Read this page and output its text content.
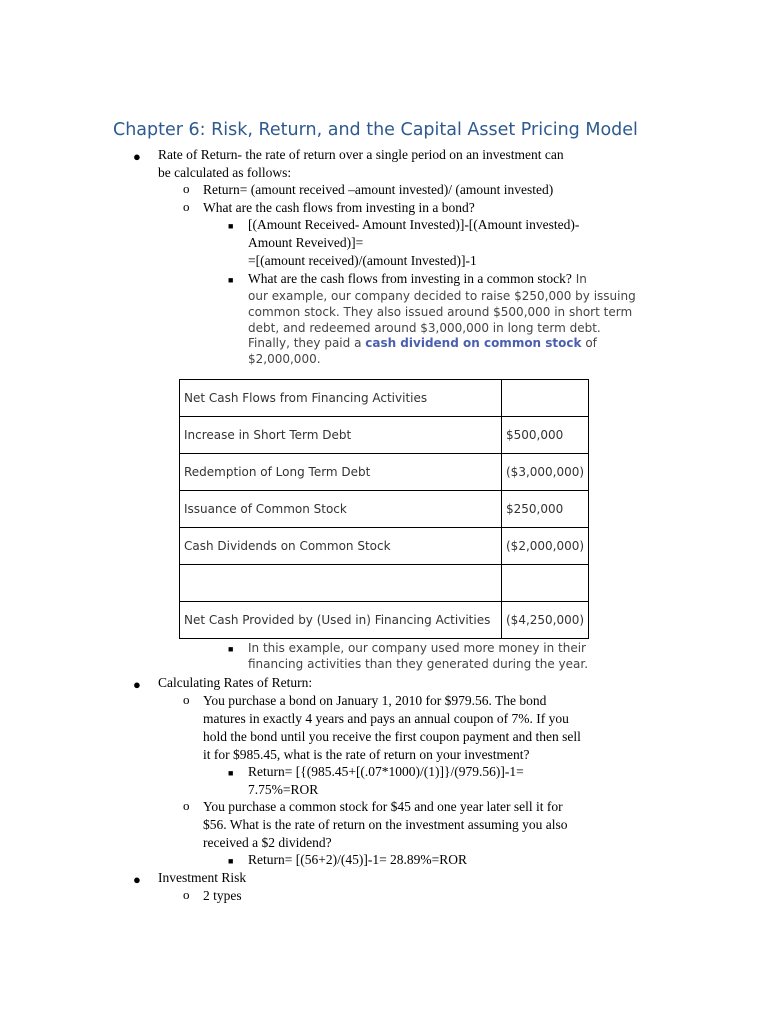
Chapter 6: Risk, Return, and the Capital Asset Pricing Model
● Rate of Return- the rate of return over a single period on an investment can
be calculated as follows:
o Return= (amount received –amount invested)/ (amount invested)
o What are the cash flows from investing in a bond?
■ [(Amount Received- Amount Invested)]-[(Amount invested)-
Amount Reveived)]=
=[(amount received)/(amount Invested)]-1
■ What are the cash flows from investing in a common stock? In
our example, our company decided to raise $250,000 by issuing
common stock. They also issued around $500,000 in short term
debt, and redeemed around $3,000,000 in long term debt.
Finally, they paid a cash dividend on common stock of
$2,000,000.
Net Cash Flows from Financing Activities	
Increase in Short Term Debt	$500,000
Redemption of Long Term Debt	($3,000,000)
Issuance of Common Stock	$250,000
Cash Dividends on Common Stock	($2,000,000)

Net Cash Provided by (Used in) Financing Activities	($4,250,000)
■ In this example, our company used more money in their
financing activities than they generated during the year.
● Calculating Rates of Return:
o You purchase a bond on January 1, 2010 for $979.56. The bond
matures in exactly 4 years and pays an annual coupon of 7%. If you
hold the bond until you receive the first coupon payment and then sell
it for $985.45, what is the rate of return on your investment?
■ Return= [{(985.45+[(.07*1000)/(1)]}/(979.56)]-1=
7.75%=ROR
o You purchase a common stock for $45 and one year later sell it for
$56. What is the rate of return on the investment assuming you also
received a $2 dividend?
■ Return= [(56+2)/(45)]-1= 28.89%=ROR
● Investment Risk
o 2 types
